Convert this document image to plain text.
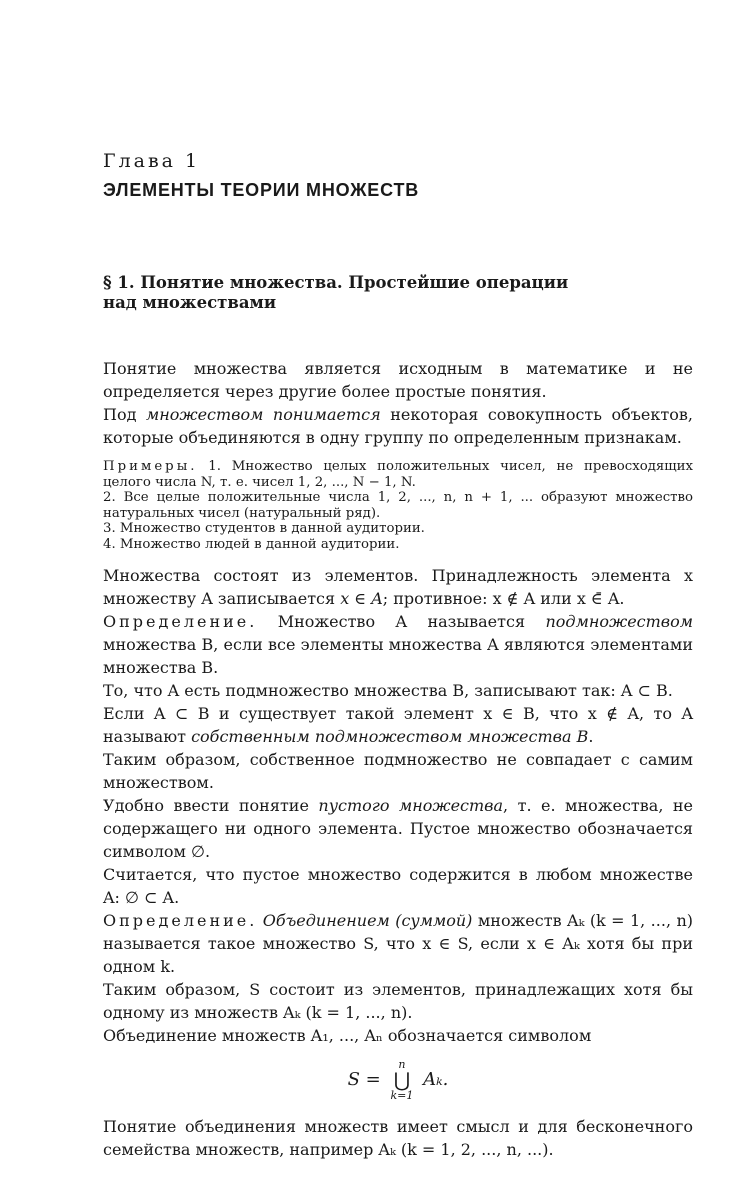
Глава 1
ЭЛЕМЕНТЫ ТЕОРИИ МНОЖЕСТВ
§ 1. Понятие множества. Простейшие операции
над множествами

Понятие множества является исходным в математике и не определяется через другие более простые понятия.

Под множеством понимается некоторая совокупность объектов, которые объединяются в одну группу по определенным признакам.

Примеры. 1. Множество целых положительных чисел, не превосходящих целого числа N, т. е. чисел 1, 2, ..., N − 1, N.

2. Все целые положительные числа 1, 2, ..., n, n + 1, ... образуют множество натуральных чисел (натуральный ряд).

3. Множество студентов в данной аудитории.

4. Множество людей в данной аудитории.

Множества состоят из элементов. Принадлежность элемента x множеству A записывается x ∈ A; противное: x ∉ A или x ∈̄ A.

Определение. Множество A называется подмножеством множества B, если все элементы множества A являются элементами множества B.

То, что A есть подмножество множества B, записывают так: A ⊂ B.

Если A ⊂ B и существует такой элемент x ∈ B, что x ∉ A, то A называют собственным подмножеством множества B.

Таким образом, собственное подмножество не совпадает с самим множеством.

Удобно ввести понятие пустого множества, т. е. множества, не содержащего ни одного элемента. Пустое множество обозначается символом ∅.

Считается, что пустое множество содержится в любом множестве A: ∅ ⊂ A.

Определение. Объединением (суммой) множеств Aₖ (k = 1, ..., n) называется такое множество S, что x ∈ S, если x ∈ Aₖ хотя бы при одном k.

Таким образом, S состоит из элементов, принадлежащих хотя бы одному из множеств Aₖ (k = 1, ..., n).

Объединение множеств A₁, ..., Aₙ обозначается символом

S =
n
⋃
k=1
Aₖ.

Понятие объединения множеств имеет смысл и для бесконечного семейства множеств, например Aₖ (k = 1, 2, ..., n, ...).
